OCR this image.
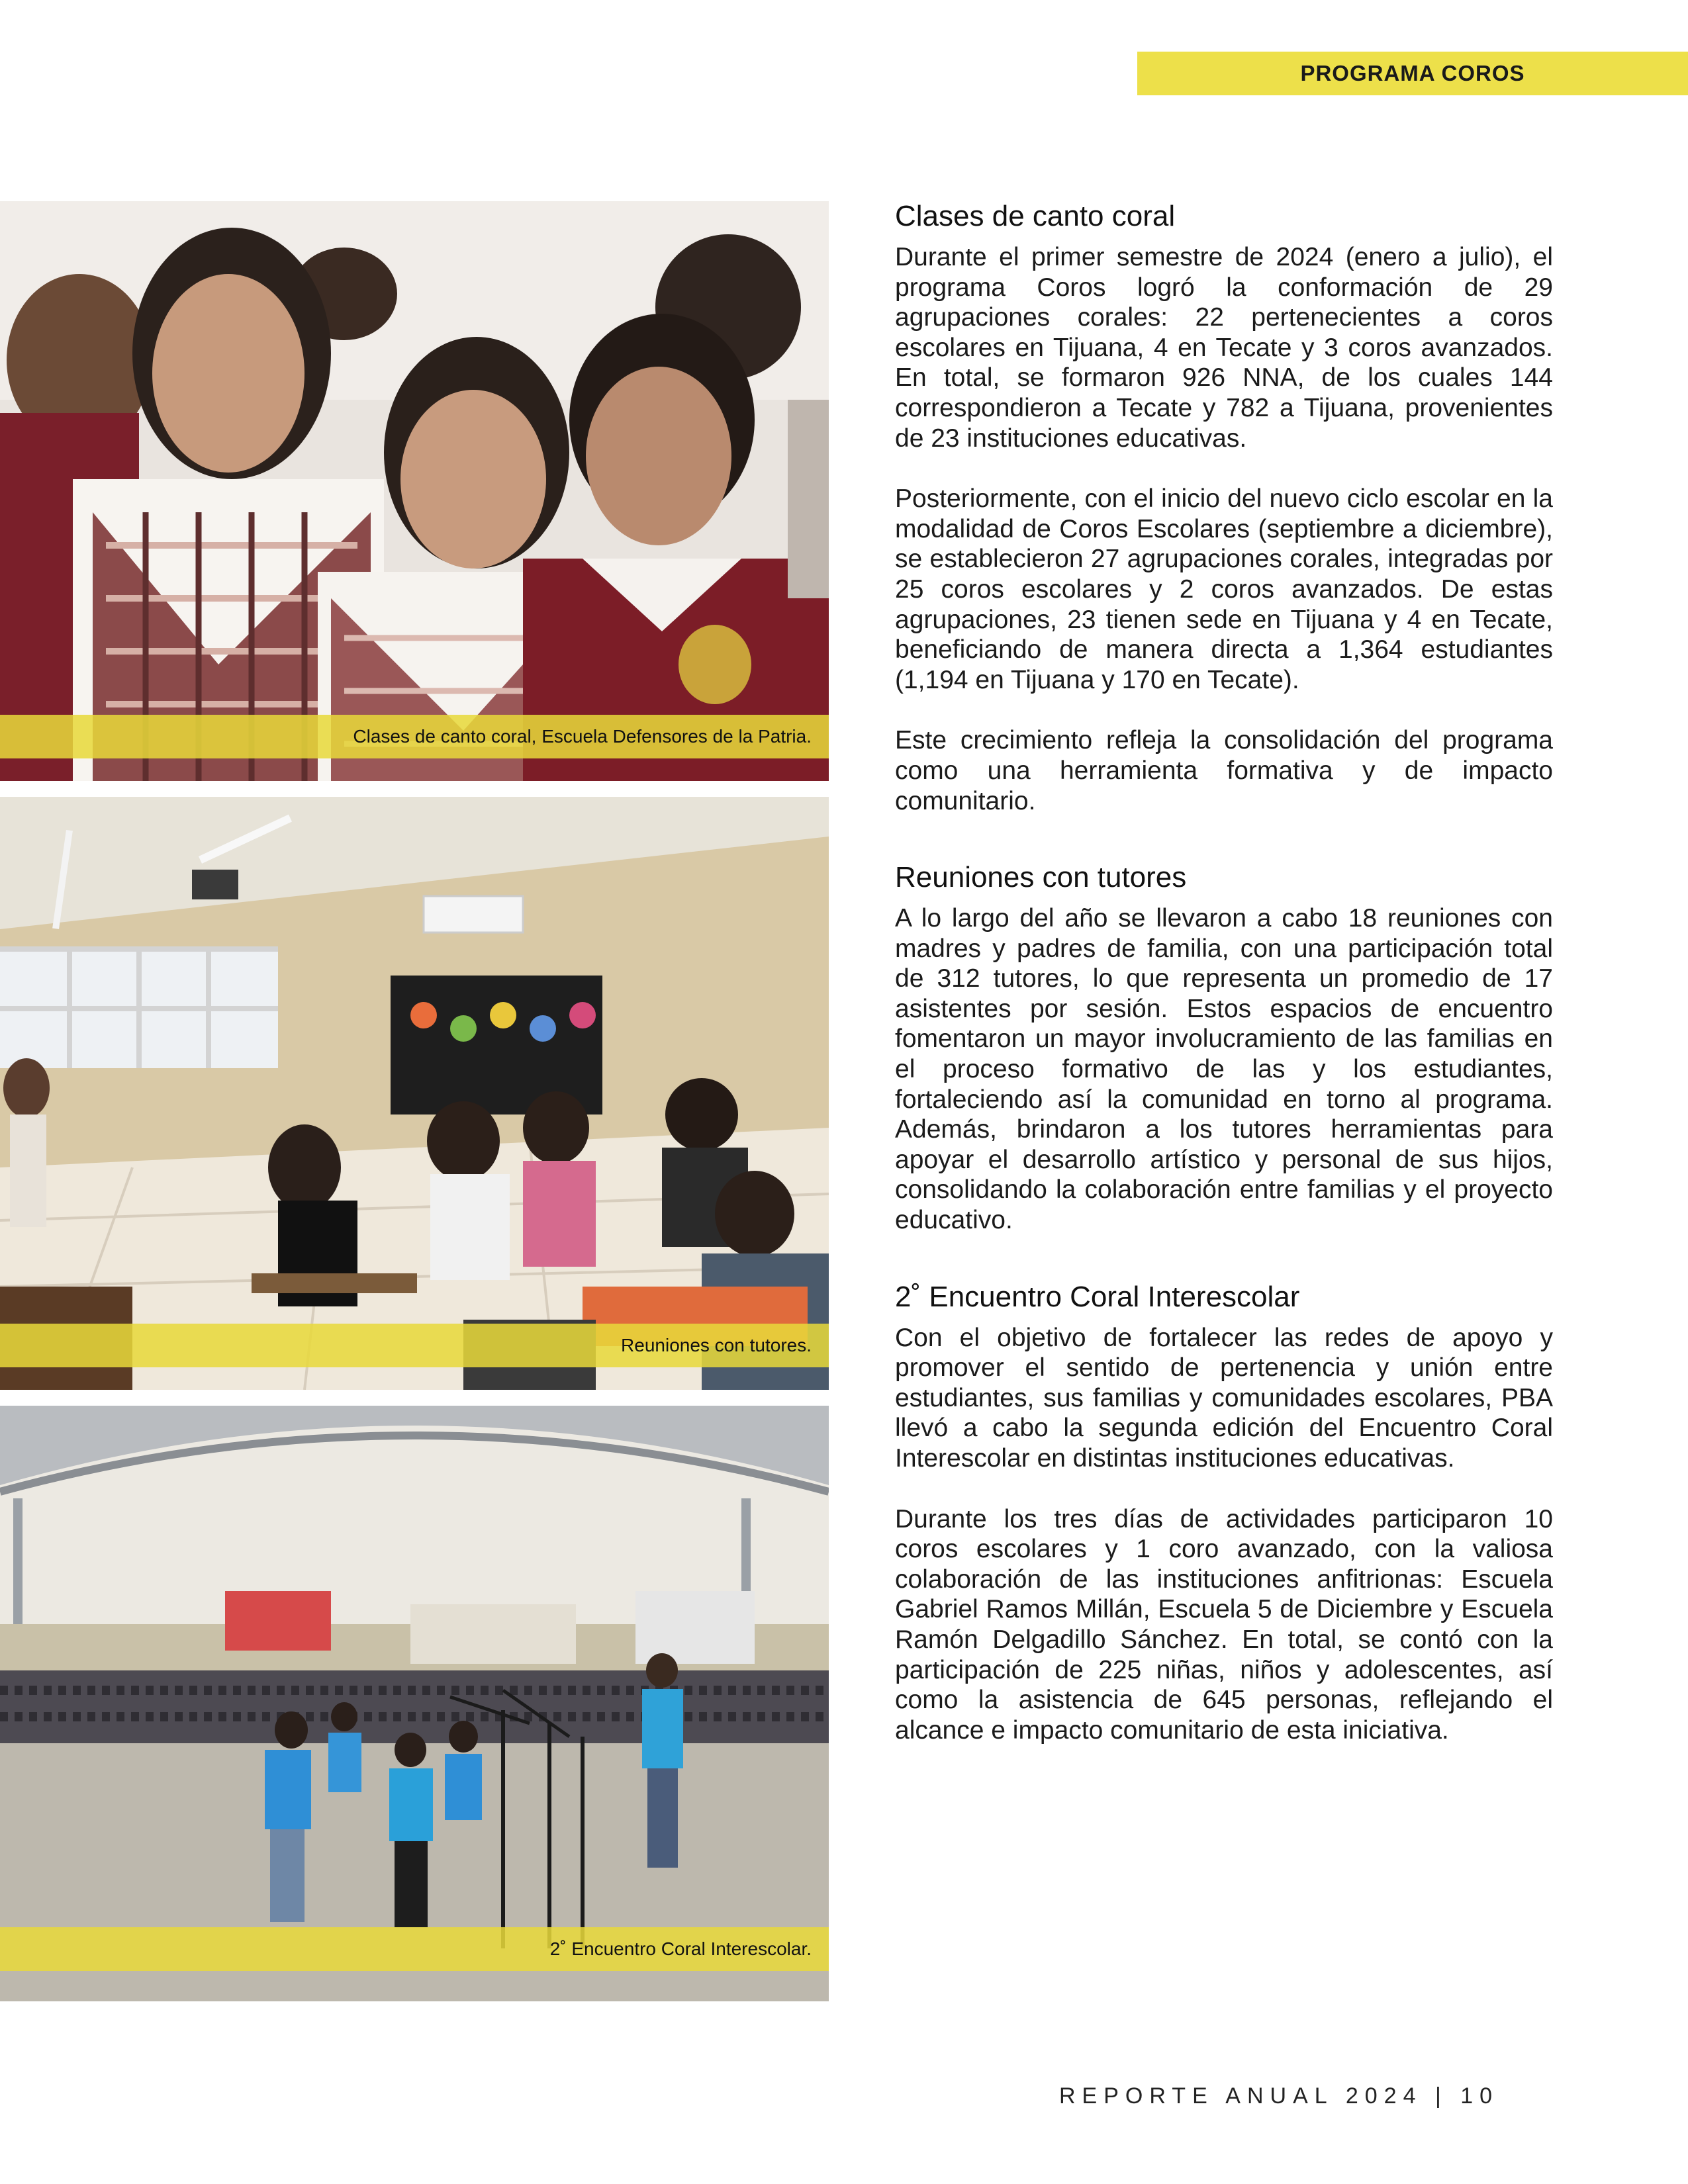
PROGRAMA COROS
Clases de canto coral, Escuela Defensores de la Patria.
Reuniones con tutores.
2˚ Encuentro Coral Interescolar.
Clases de canto coral

Durante el primer semestre de 2024 (enero a julio), el programa Coros logró la conformación de 29 agrupaciones corales: 22 pertenecientes a coros escolares en Tijuana, 4 en Tecate y 3 coros avanzados. En total, se formaron 926 NNA, de los cuales 144 correspondieron a Tecate y 782 a Tijuana, provenientes de 23 instituciones educativas.

Posteriormente, con el inicio del nuevo ciclo escolar en la modalidad de Coros Escolares (septiembre a diciembre), se establecieron 27 agrupaciones corales, integradas por 25 coros escolares y 2 coros avanzados. De estas agrupaciones, 23 tienen sede en Tijuana y 4 en Tecate, beneficiando de manera directa a 1,364 estudiantes (1,194 en Tijuana y 170 en Tecate).

Este crecimiento refleja la consolidación del programa como una herramienta formativa y de impacto comunitario.

Reuniones con tutores

A lo largo del año se llevaron a cabo 18 reuniones con madres y padres de familia, con una participación total de 312 tutores, lo que representa un promedio de 17 asistentes por sesión. Estos espacios de encuentro fomentaron un mayor involucramiento de las familias en el proceso formativo de las y los estudiantes, fortaleciendo así la comunidad en torno al programa. Además, brindaron a los tutores herramientas para apoyar el desarrollo artístico y personal de sus hijos, consolidando la colaboración entre familias y el proyecto educativo.

2˚ Encuentro Coral Interescolar

Con el objetivo de fortalecer las redes de apoyo y promover el sentido de pertenencia y unión entre estudiantes, sus familias y comunidades escolares, PBA llevó a cabo la segunda edición del Encuentro Coral Interescolar en distintas instituciones educativas.

Durante los tres días de actividades participaron 10 coros escolares y 1 coro avanzado, con la valiosa colaboración de las instituciones anfitrionas: Escuela Gabriel Ramos Millán, Escuela 5 de Diciembre y Escuela Ramón Delgadillo Sánchez. En total, se contó con la participación de 225 niñas, niños y adolescentes, así como la asistencia de 645 personas, reflejando el alcance e impacto comunitario de esta iniciativa.

REPORTE ANUAL 2024 | 10
